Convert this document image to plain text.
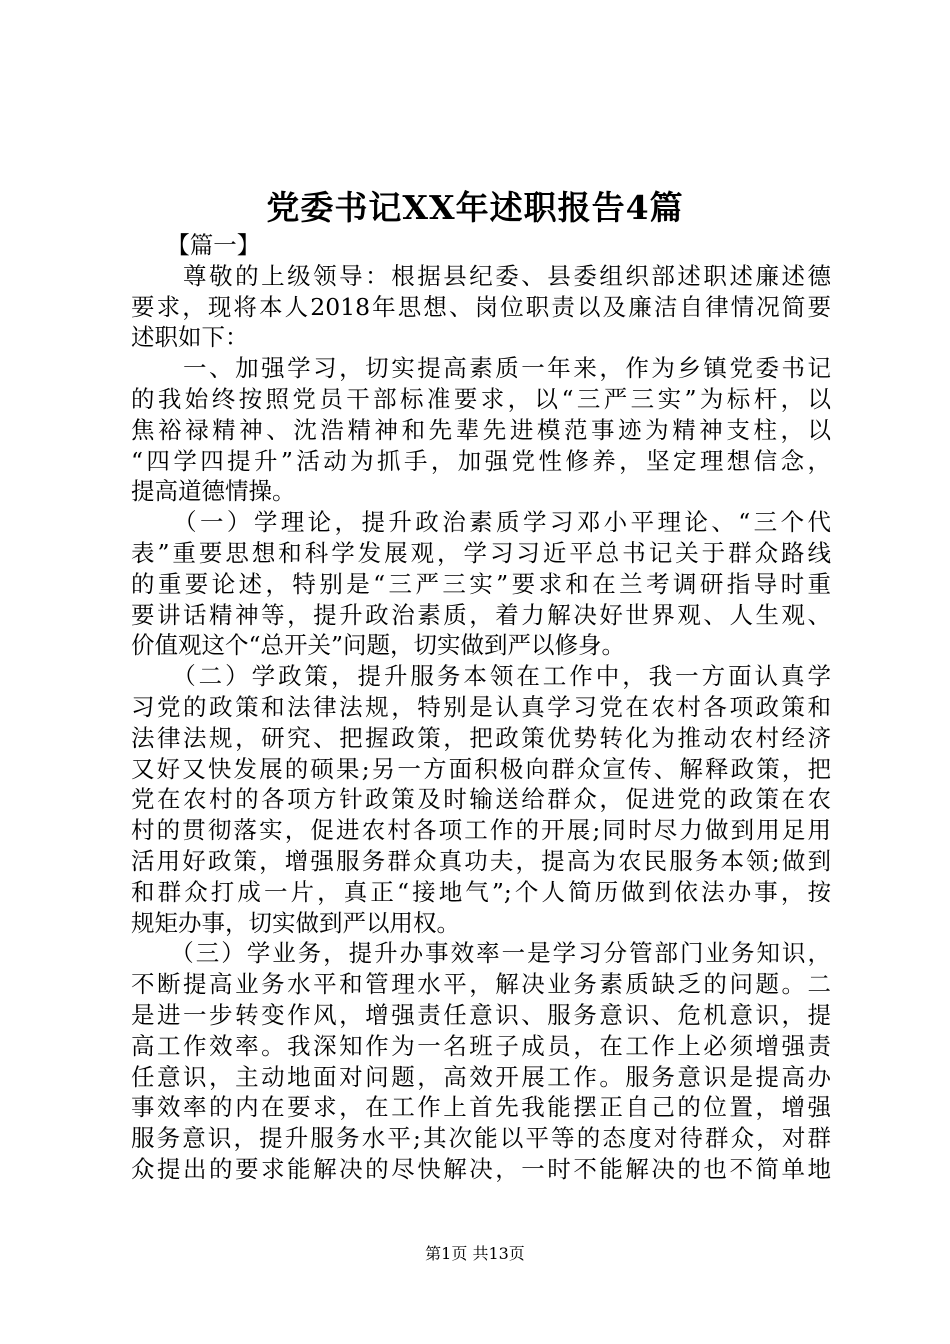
党委书记XX年述职报告4篇
　　【篇一】
　　尊敬的上级领导：根据县纪委、县委组织部述职述廉述德
要求，现将本人2018年思想、岗位职责以及廉洁自律情况简要
述职如下：
　　一、加强学习，切实提高素质一年来，作为乡镇党委书记
的我始终按照党员干部标准要求，以“三严三实”为标杆，以
焦裕禄精神、沈浩精神和先辈先进模范事迹为精神支柱，以
“四学四提升”活动为抓手，加强党性修养，坚定理想信念，
提高道德情操。
　　（一）学理论，提升政治素质学习邓小平理论、“三个代
表”重要思想和科学发展观，学习习近平总书记关于群众路线
的重要论述，特别是“三严三实”要求和在兰考调研指导时重
要讲话精神等，提升政治素质，着力解决好世界观、人生观、
价值观这个“总开关”问题，切实做到严以修身。
　　（二）学政策，提升服务本领在工作中，我一方面认真学
习党的政策和法律法规，特别是认真学习党在农村各项政策和
法律法规，研究、把握政策，把政策优势转化为推动农村经济
又好又快发展的硕果;另一方面积极向群众宣传、解释政策，把
党在农村的各项方针政策及时输送给群众，促进党的政策在农
村的贯彻落实，促进农村各项工作的开展;同时尽力做到用足用
活用好政策，增强服务群众真功夫，提高为农民服务本领;做到
和群众打成一片，真正“接地气”;个人简历做到依法办事，按
规矩办事，切实做到严以用权。
　　（三）学业务，提升办事效率一是学习分管部门业务知识，
不断提高业务水平和管理水平，解决业务素质缺乏的问题。二
是进一步转变作风，增强责任意识、服务意识、危机意识，提
高工作效率。我深知作为一名班子成员，在工作上必须增强责
任意识，主动地面对问题，高效开展工作。服务意识是提高办
事效率的内在要求，在工作上首先我能摆正自己的位置，增强
服务意识，提升服务水平;其次能以平等的态度对待群众，对群
众提出的要求能解决的尽快解决，一时不能解决的也不简单地
第1页 共13页
